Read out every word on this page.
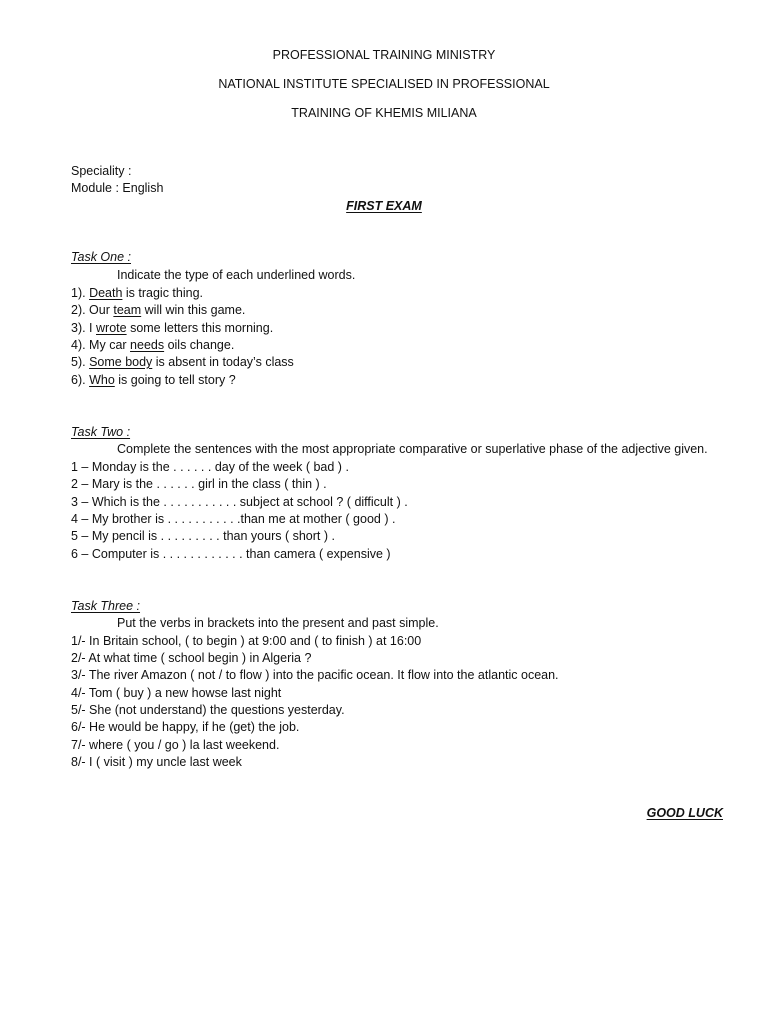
PROFESSIONAL TRAINING MINISTRY
NATIONAL INSTITUTE SPECIALISED IN PROFESSIONAL
TRAINING OF KHEMIS MILIANA
Speciality :
Module : English
FIRST EXAM
Task One :
Indicate the type of each underlined words.
1). Death is tragic thing.
2). Our team will win this game.
3). I wrote some letters this morning.
4). My car needs oils change.
5). Some body is absent in today’s class
6). Who is going to tell story ?
Task Two :
Complete the sentences with the most appropriate comparative or superlative phase of the adjective given.
1 – Monday is the . . . . . . day of the week ( bad ) .
2 – Mary is the . . . . . . girl in the class ( thin ) .
3 – Which is the . . . . . . . . . . . subject at school ? ( difficult ) .
4 – My brother is . . . . . . . . . . .than me at mother ( good ) .
5 – My pencil is . . . . . . . . . than yours ( short ) .
6 – Computer is . . . . . . . . . . . . than camera ( expensive )
Task Three :
Put the verbs in brackets into the present and past simple.
1/- In Britain school, ( to begin ) at 9:00 and ( to finish ) at 16:00
2/- At what time ( school begin ) in Algeria ?
3/- The river Amazon ( not / to flow ) into the pacific ocean. It flow into the atlantic ocean.
4/- Tom ( buy ) a new howse last night
5/- She (not understand) the questions yesterday.
6/- He would be happy, if he (get) the job.
7/- where ( you / go ) la last weekend.
8/- I ( visit ) my uncle last week
GOOD LUCK
